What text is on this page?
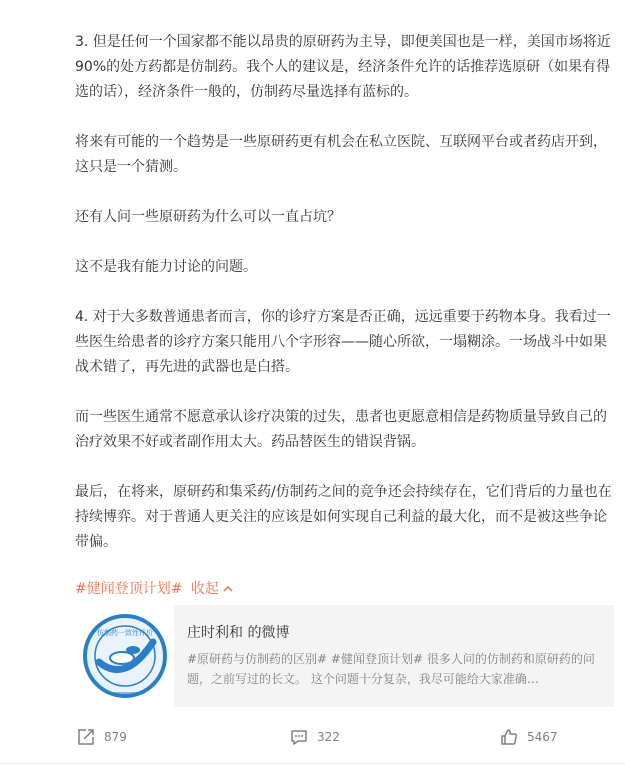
3. 但是任何一个国家都不能以昂贵的原研药为主导，即便美国也是一样，美国市场将近90%的处方药都是仿制药。我个人的建议是，经济条件允许的话推荐选原研（如果有得选的话），经济条件一般的，仿制药尽量选择有蓝标的。

将来有可能的一个趋势是一些原研药更有机会在私立医院、互联网平台或者药店开到，这只是一个猜测。

还有人问一些原研药为什么可以一直占坑？

这不是我有能力讨论的问题。

4. 对于大多数普通患者而言，你的诊疗方案是否正确，远远重要于药物本身。我看过一些医生给患者的诊疗方案只能用八个字形容——随心所欲，一塌糊涂。一场战斗中如果战术错了，再先进的武器也是白搭。

而一些医生通常不愿意承认诊疗决策的过失，患者也更愿意相信是药物质量导致自己的治疗效果不好或者副作用太大。药品替医生的错误背锅。

最后，在将来，原研药和集采药/仿制药之间的竞争还会持续存在，它们背后的力量也在持续博弈。对于普通人更关注的应该是如何实现自己利益的最大化，而不是被这些争论带偏。

#健闻登顶计划# 收起
仿制药一致性评价 庄时利和 的微博
#原研药与仿制药的区别# #健闻登顶计划# 很多人问的仿制药和原研药的问题，之前写过的长文。 这个问题十分复杂，我尽可能给大家准确…
879	322	5467
